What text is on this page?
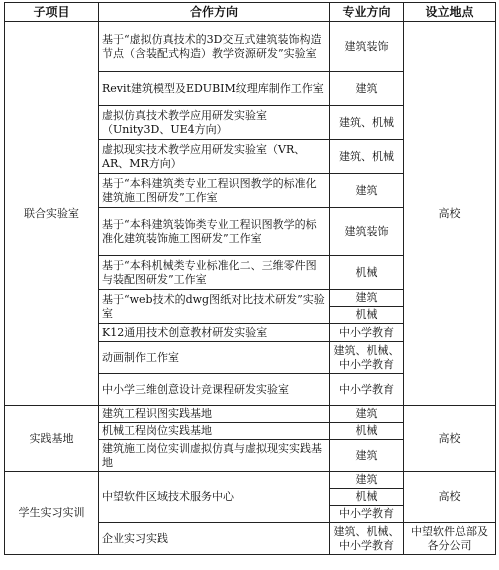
子项目	合作方向	专业方向	设立地点
联合实验室	基于“虚拟仿真技术的3D交互式建筑装饰构造节点（含装配式构造）教学资源研发”实验室	建筑装饰	高校
	Revit建筑模型及EDUBIM纹理库制作工作室	建筑	
	虚拟仿真技术教学应用研发实验室（Unity3D、UE4方向）	建筑、机械	
	虚拟现实技术教学应用研发实验室（VR、AR、MR方向）	建筑、机械	
	基于“本科建筑类专业工程识图教学的标准化建筑施工图研发”工作室	建筑	
	基于“本科建筑装饰类专业工程识图教学的标准化建筑装饰施工图研发”工作室	建筑装饰	
	基于“本科机械类专业标准化二、三维零件图与装配图研发”工作室	机械	
	基于“web技术的dwg图纸对比技术研发”实验室	建筑	
		机械	
	K12通用技术创意教材研发实验室	中小学教育	
	动画制作工作室	建筑、机械、中小学教育	
	中小学三维创意设计竞课程研发实验室	中小学教育	
实践基地	建筑工程识图实践基地	建筑	高校
	机械工程岗位实践基地	机械	
	建筑施工岗位实训虚拟仿真与虚拟现实实践基地	建筑	
学生实习实训	中望软件区域技术服务中心	建筑	高校
		机械	
		中小学教育	
	企业实习实践	建筑、机械、中小学教育	中望软件总部及各分公司
